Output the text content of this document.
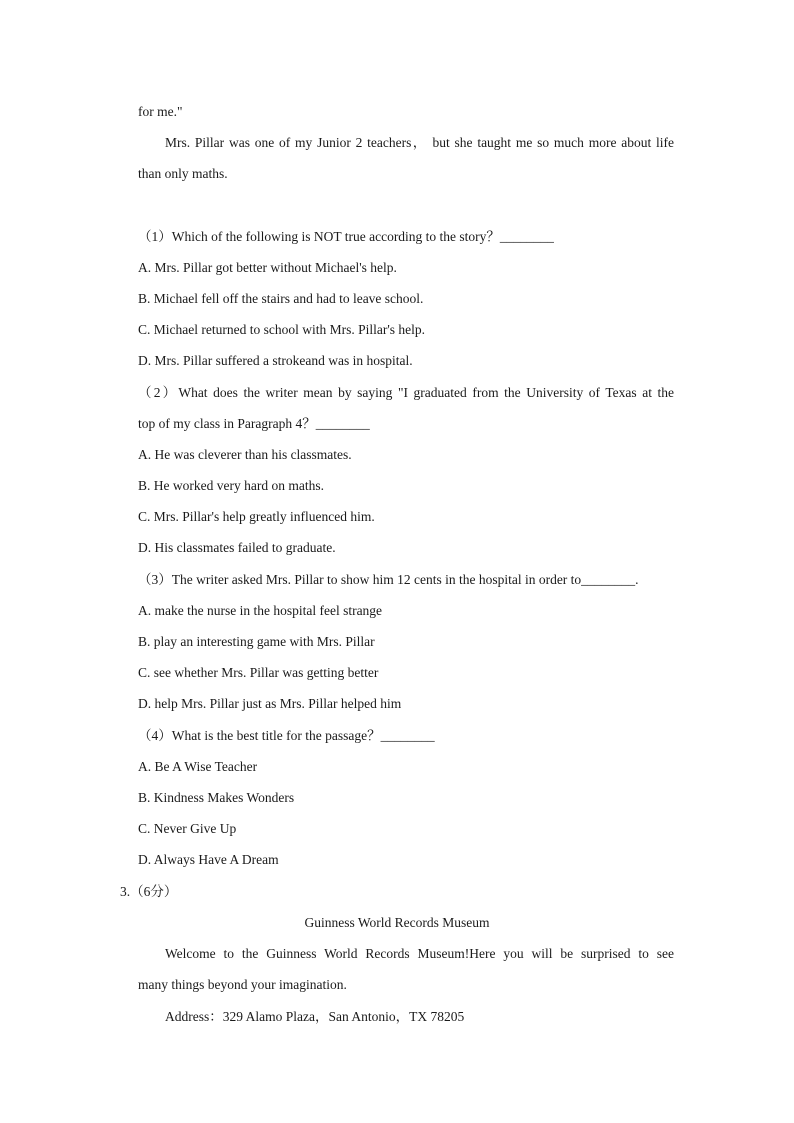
for me."
Mrs. Pillar was one of my Junior 2 teachers， but she taught me so much more about life
than only maths.
（1）Which of the following is NOT true according to the story？________
A. Mrs. Pillar got better without Michael's help.
B. Michael fell off the stairs and had to leave school.
C. Michael returned to school with Mrs. Pillar's help.
D. Mrs. Pillar suffered a strokeand was in hospital.
（2）What does the writer mean by saying "I graduated from the University of Texas at the
top of my class in Paragraph 4？________
A. He was cleverer than his classmates.
B. He worked very hard on maths.
C. Mrs. Pillar's help greatly influenced him.
D. His classmates failed to graduate.
（3）The writer asked Mrs. Pillar to show him 12 cents in the hospital in order to________.
A. make the nurse in the hospital feel strange
B. play an interesting game with Mrs. Pillar
C. see whether Mrs. Pillar was getting better
D. help Mrs. Pillar just as Mrs. Pillar helped him
（4）What is the best title for the passage？________
A. Be A Wise Teacher
B. Kindness Makes Wonders
C. Never Give Up
D. Always Have A Dream
3.（6分）
Guinness World Records Museum
Welcome to the Guinness World Records Museum!Here you will be surprised to see
many things beyond your imagination.
Address：329 Alamo Plaza，San Antonio，TX 78205
